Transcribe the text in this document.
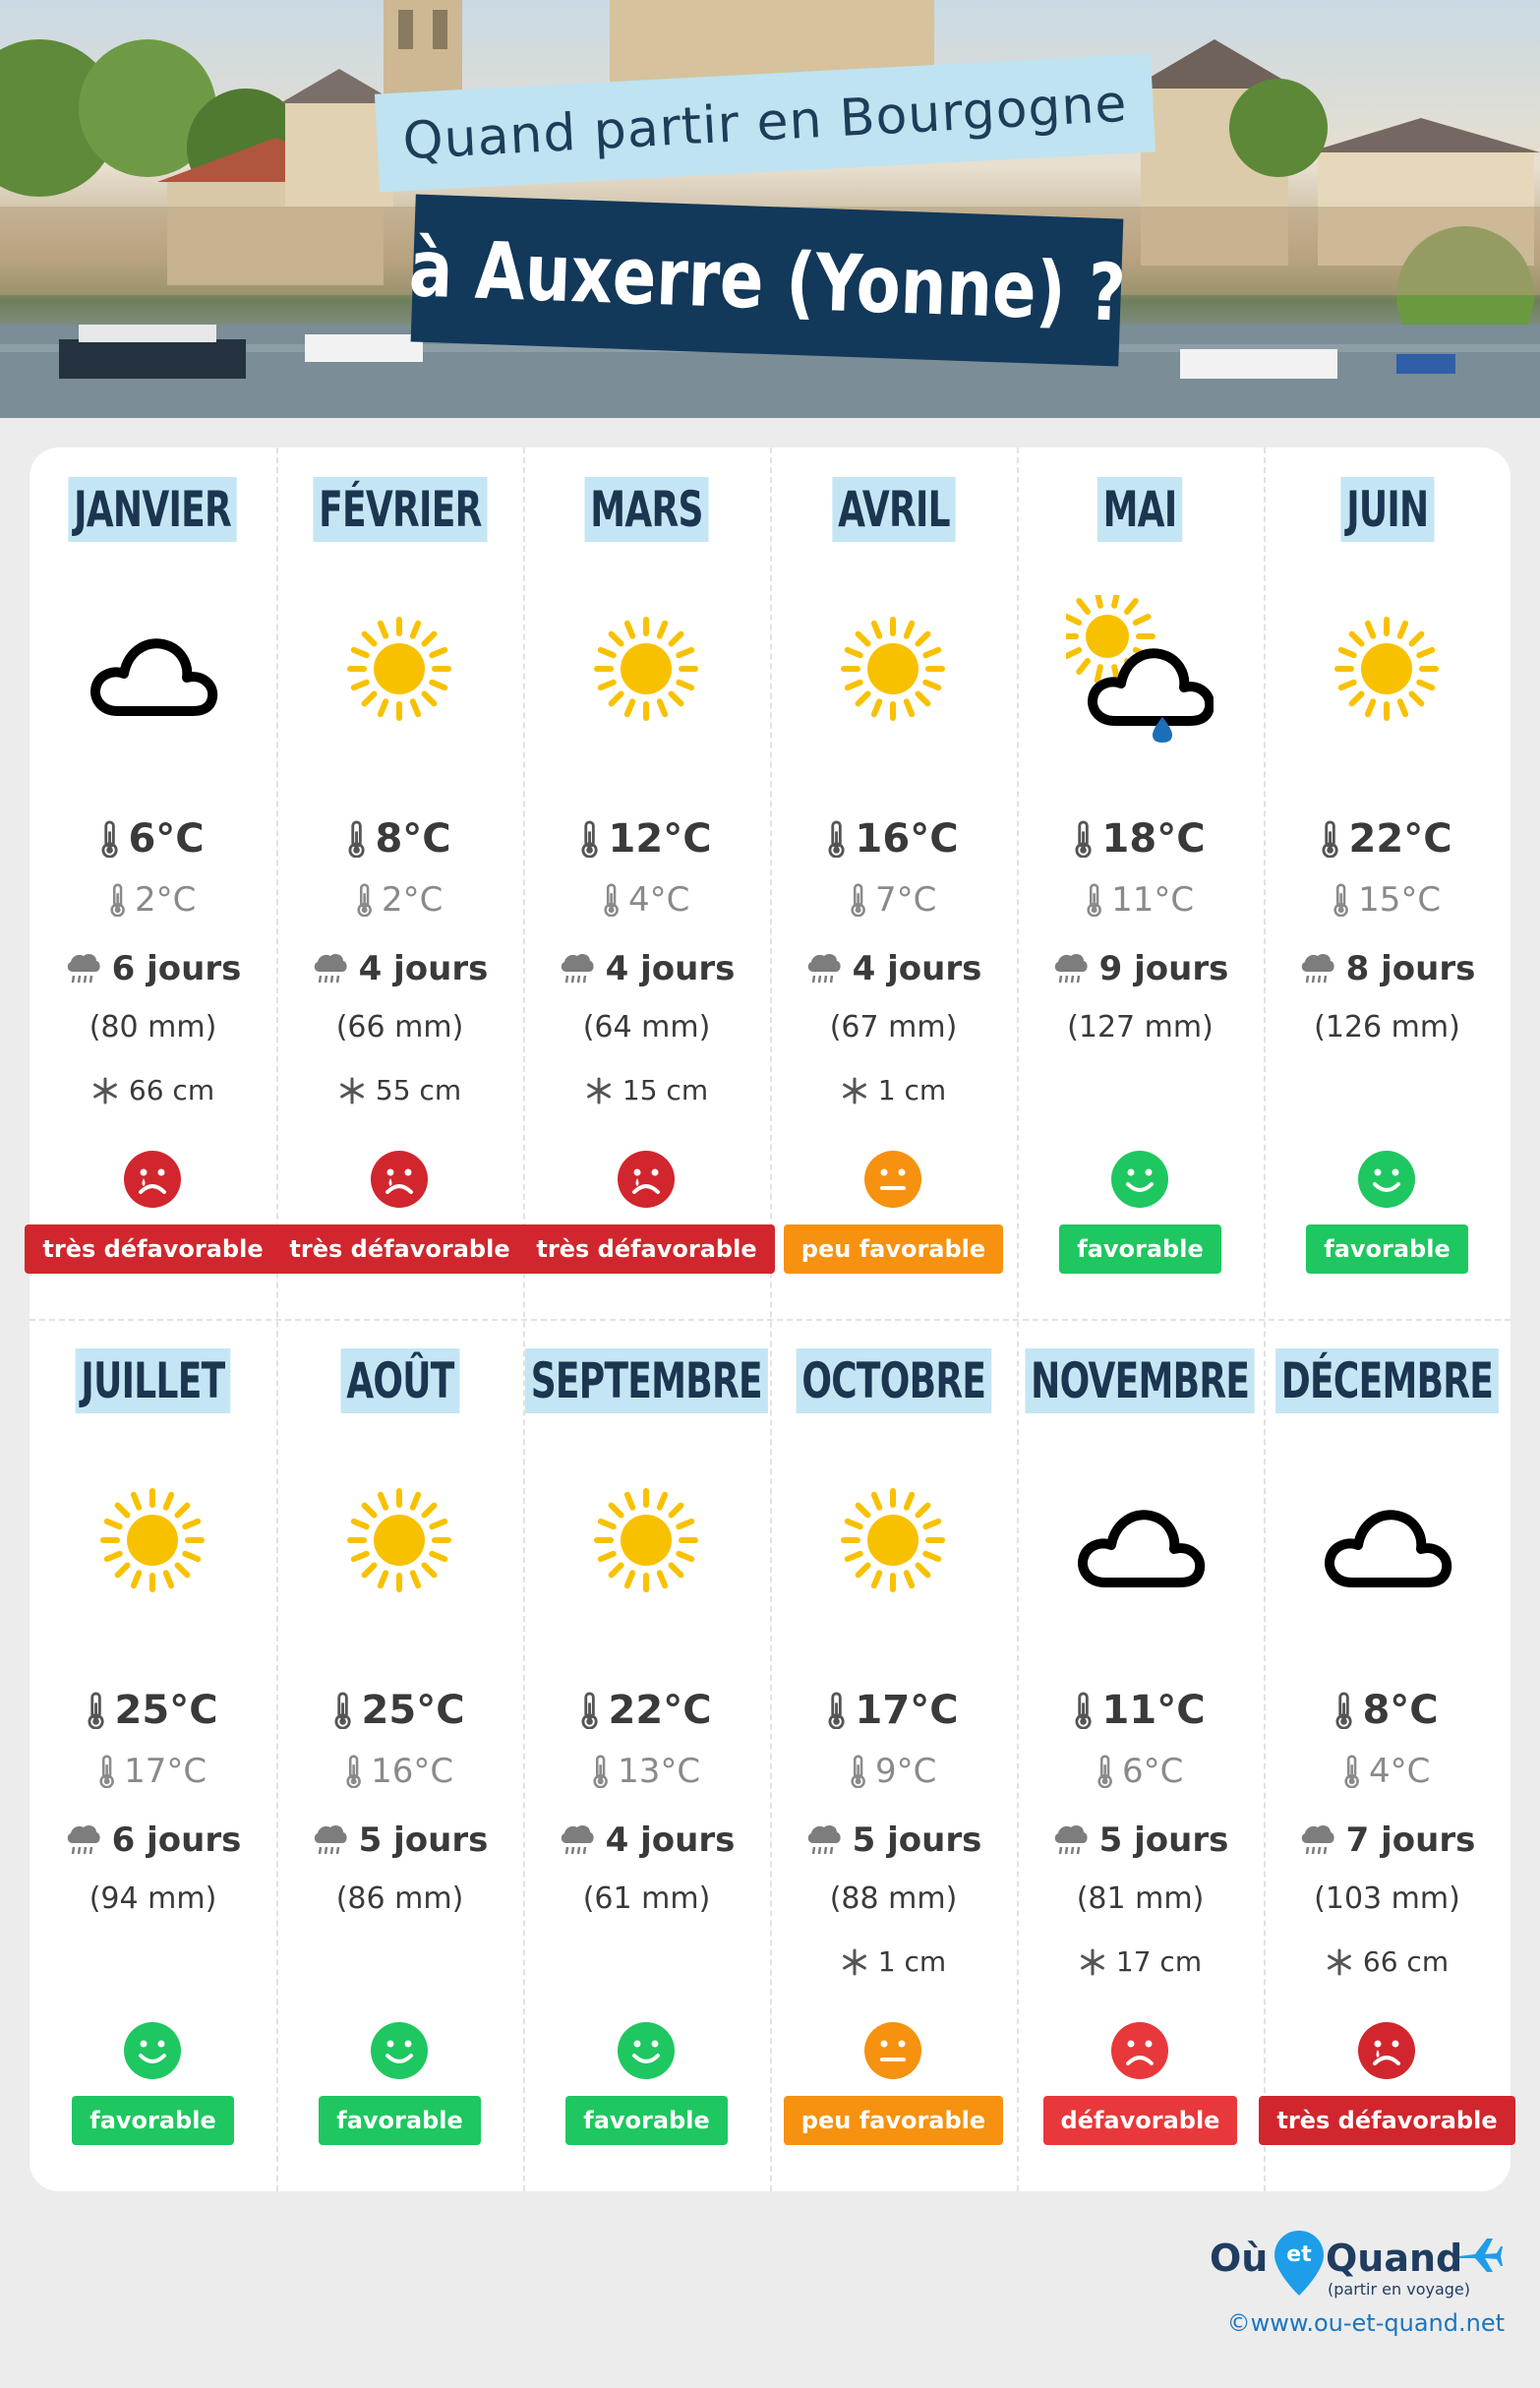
Quand partir en Bourgogne
à Auxerre (Yonne) ?
JANVIER
6°C
2°C
6 jours
(80 mm)
66 cm
très défavorable
FÉVRIER
8°C
2°C
4 jours
(66 mm)
55 cm
très défavorable
MARS
12°C
4°C
4 jours
(64 mm)
15 cm
très défavorable
AVRIL
16°C
7°C
4 jours
(67 mm)
1 cm
peu favorable
MAI
18°C
11°C
9 jours
(127 mm)
favorable
JUIN
22°C
15°C
8 jours
(126 mm)
favorable
JUILLET
25°C
17°C
6 jours
(94 mm)
favorable
AOÛT
25°C
16°C
5 jours
(86 mm)
favorable
SEPTEMBRE
22°C
13°C
4 jours
(61 mm)
favorable
OCTOBRE
17°C
9°C
5 jours
(88 mm)
1 cm
peu favorable
NOVEMBRE
11°C
6°C
5 jours
(81 mm)
17 cm
défavorable
DÉCEMBRE
8°C
4°C
7 jours
(103 mm)
66 cm
très défavorable
Où et Quand
(partir en voyage)
©www.ou-et-quand.net
